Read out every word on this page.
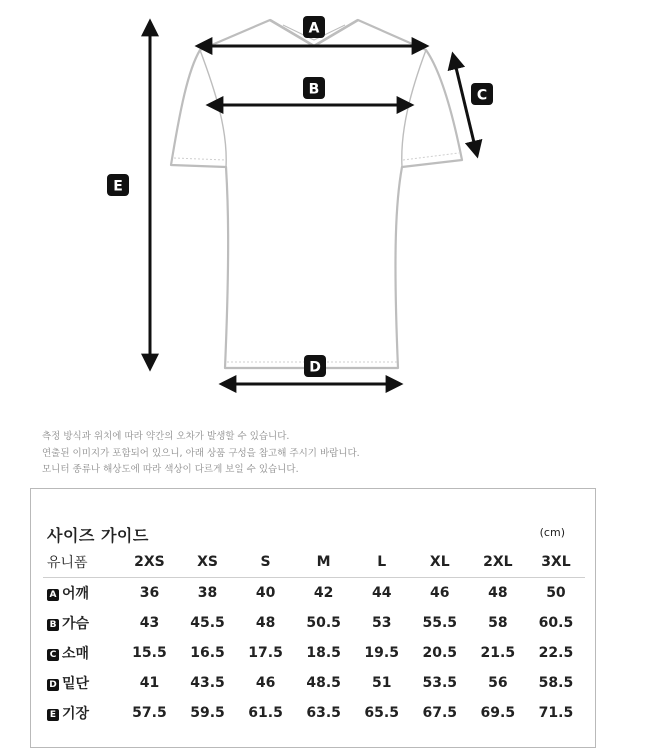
A
B	C
D
E
측정 방식과 위치에 따라 약간의 오차가 발생할 수 있습니다.
연출된 이미지가 포함되어 있으니, 아래 상품 구성을 참고해 주시기 바랍니다.
모니터 종류나 해상도에 따라 색상이 다르게 보일 수 있습니다.
사이즈 가이드	(cm)
유니폼	2XS	XS	S	M	L	XL	2XL	3XL
A 어깨	36	38	40	42	44	46	48	50
B 가슴	43	45.5	48	50.5	53	55.5	58	60.5
C 소매	15.5	16.5	17.5	18.5	19.5	20.5	21.5	22.5
D 밑단	41	43.5	46	48.5	51	53.5	56	58.5
E 기장	57.5	59.5	61.5	63.5	65.5	67.5	69.5	71.5
